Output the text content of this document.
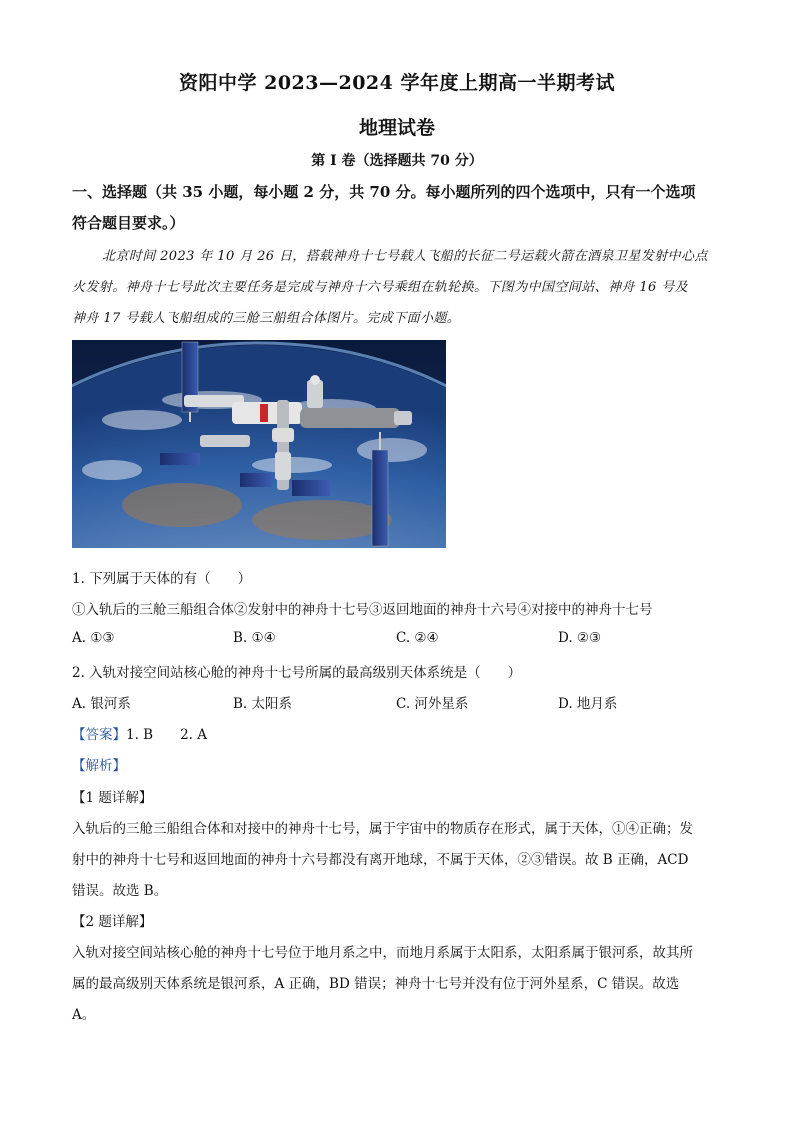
资阳中学 2023—2024 学年度上期高一半期考试
地理试卷
第 I 卷（选择题共 70 分）
一、选择题（共 35 小题，每小题 2 分，共 70 分。每小题所列的四个选项中，只有一个选项
符合题目要求。）
北京时间 2023 年 10 月 26 日，搭载神舟十七号载人飞船的长征二号运载火箭在酒泉卫星发射中心点
火发射。神舟十七号此次主要任务是完成与神舟十六号乘组在轨轮换。下图为中国空间站、神舟 16 号及
神舟 17 号载人飞船组成的三舱三船组合体图片。完成下面小题。
1. 下列属于天体的有（　　）
①入轨后的三舱三船组合体②发射中的神舟十七号③返回地面的神舟十六号④对接中的神舟十七号
A. ①③	B. ①④	C. ②④	D. ②③
2. 入轨对接空间站核心舱的神舟十七号所属的最高级别天体系统是（　　）
A. 银河系	B. 太阳系	C. 河外星系	D. 地月系
【答案】1. B　　2. A
【解析】
【1 题详解】
入轨后的三舱三船组合体和对接中的神舟十七号，属于宇宙中的物质存在形式，属于天体，①④正确；发
射中的神舟十七号和返回地面的神舟十六号都没有离开地球，不属于天体，②③错误。故 B 正确，ACD
错误。故选 B。
【2 题详解】
入轨对接空间站核心舱的神舟十七号位于地月系之中，而地月系属于太阳系，太阳系属于银河系，故其所
属的最高级别天体系统是银河系，A 正确，BD 错误；神舟十七号并没有位于河外星系，C 错误。故选
A。
